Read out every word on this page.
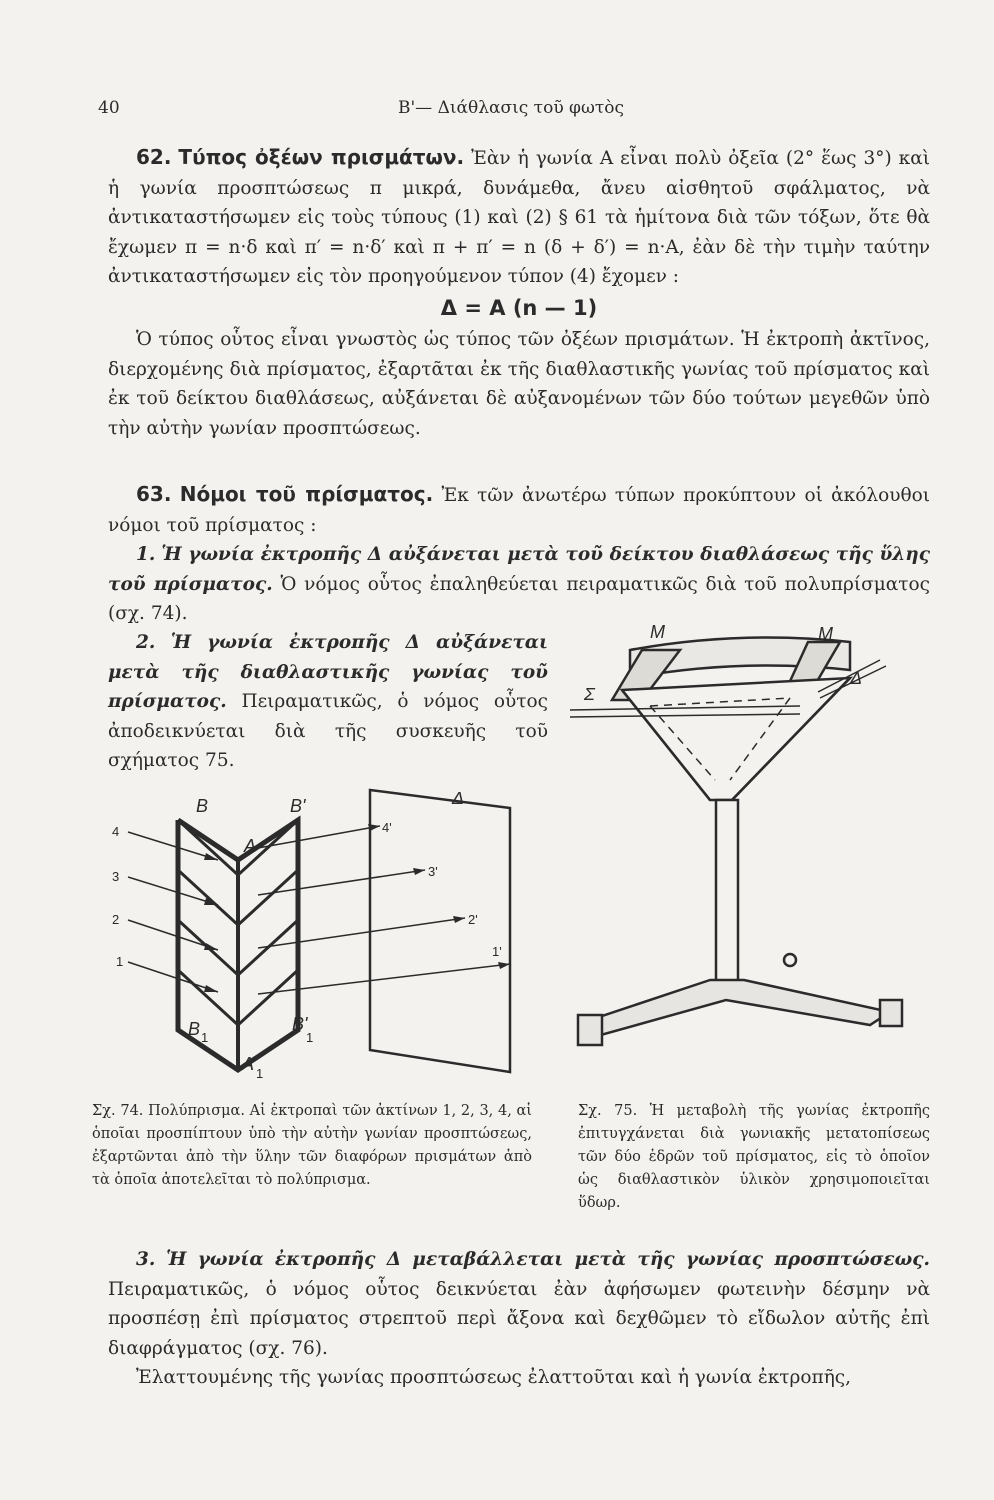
40	Β'— Διάθλασις τοῦ φωτὸς

62. Τύπος ὀξέων πρισμάτων. Ἐὰν ἡ γωνία Α εἶναι πολὺ ὀξεῖα (2° ἕως 3°) καὶ ἡ γωνία προσπτώσεως π μικρά, δυνάμεθα, ἄνευ αἰσθητοῦ σφάλματος, νὰ ἀντικαταστήσωμεν εἰς τοὺς τύπους (1) καὶ (2) § 61 τὰ ἡμίτονα διὰ τῶν τόξων, ὅτε θὰ ἔχωμεν π = n·δ καὶ π′ = n·δ′ καὶ π + π′ = n (δ + δ′) = n·Α, ἐὰν δὲ τὴν τιμὴν ταύτην ἀντικαταστήσωμεν εἰς τὸν προηγούμενον τύπον (4) ἔχομεν :

Δ = Α (n — 1)

Ὁ τύπος οὗτος εἶναι γνωστὸς ὡς τύπος τῶν ὀξέων πρισμάτων. Ἡ ἐκτροπὴ ἀκτῖνος, διερχομένης διὰ πρίσματος, ἐξαρτᾶται ἐκ τῆς διαθλαστικῆς γωνίας τοῦ πρίσματος καὶ ἐκ τοῦ δείκτου διαθλάσεως, αὐξάνεται δὲ αὐξανομένων τῶν δύο τούτων μεγεθῶν ὑπὸ τὴν αὐτὴν γωνίαν προσπτώσεως.

63. Νόμοι τοῦ πρίσματος. Ἐκ τῶν ἀνωτέρω τύπων προκύπτουν οἱ ἀκόλουθοι νόμοι τοῦ πρίσματος :

1. Ἡ γωνία ἐκτροπῆς Δ αὐξάνεται μετὰ τοῦ δείκτου διαθλάσεως τῆς ὕλης τοῦ πρίσματος. Ὁ νόμος οὗτος ἐπαληθεύεται πειραματικῶς διὰ τοῦ πολυπρίσματος (σχ. 74).

2. Ἡ γωνία ἐκτροπῆς Δ αὐξάνεται μετὰ τῆς διαθλαστικῆς γωνίας τοῦ πρίσματος. Πειραματικῶς, ὁ νόμος οὗτος ἀποδεικνύεται διὰ τῆς συσκευῆς τοῦ σχήματος 75.

B	B'
A
Δ
B 1
B'
1
A 1
4
3
2
1
4'
3'
2'
1'
M	M
Σ
Δ
Σχ. 74. Πολύπρισμα. Αἱ ἐκτροπαὶ τῶν ἀκτίνων 1, 2, 3, 4, αἱ ὁποῖαι προσπίπτουν ὑπὸ τὴν αὐτὴν γωνίαν προσπτώσεως, ἐξαρτῶνται ἀπὸ τὴν ὕλην τῶν διαφόρων πρισμάτων ἀπὸ τὰ ὁποῖα ἀποτελεῖται τὸ πολύπρισμα.
Σχ. 75. Ἡ μεταβολὴ τῆς γωνίας ἐκτροπῆς ἐπιτυγχάνεται διὰ γωνιακῆς μετατοπίσεως τῶν δύο ἑδρῶν τοῦ πρίσματος, εἰς τὸ ὁποῖον ὡς διαθλαστικὸν ὑλικὸν χρησιμοποιεῖται ὕδωρ.

3. Ἡ γωνία ἐκτροπῆς Δ μεταβάλλεται μετὰ τῆς γωνίας προσπτώσεως. Πειραματικῶς, ὁ νόμος οὗτος δεικνύεται ἐὰν ἀφήσωμεν φωτεινὴν δέσμην νὰ προσπέσῃ ἐπὶ πρίσματος στρεπτοῦ περὶ ἄξονα καὶ δεχθῶμεν τὸ εἴδωλον αὐτῆς ἐπὶ διαφράγματος (σχ. 76).

Ἐλαττουμένης τῆς γωνίας προσπτώσεως ἐλαττοῦται καὶ ἡ γωνία ἐκτροπῆς,
